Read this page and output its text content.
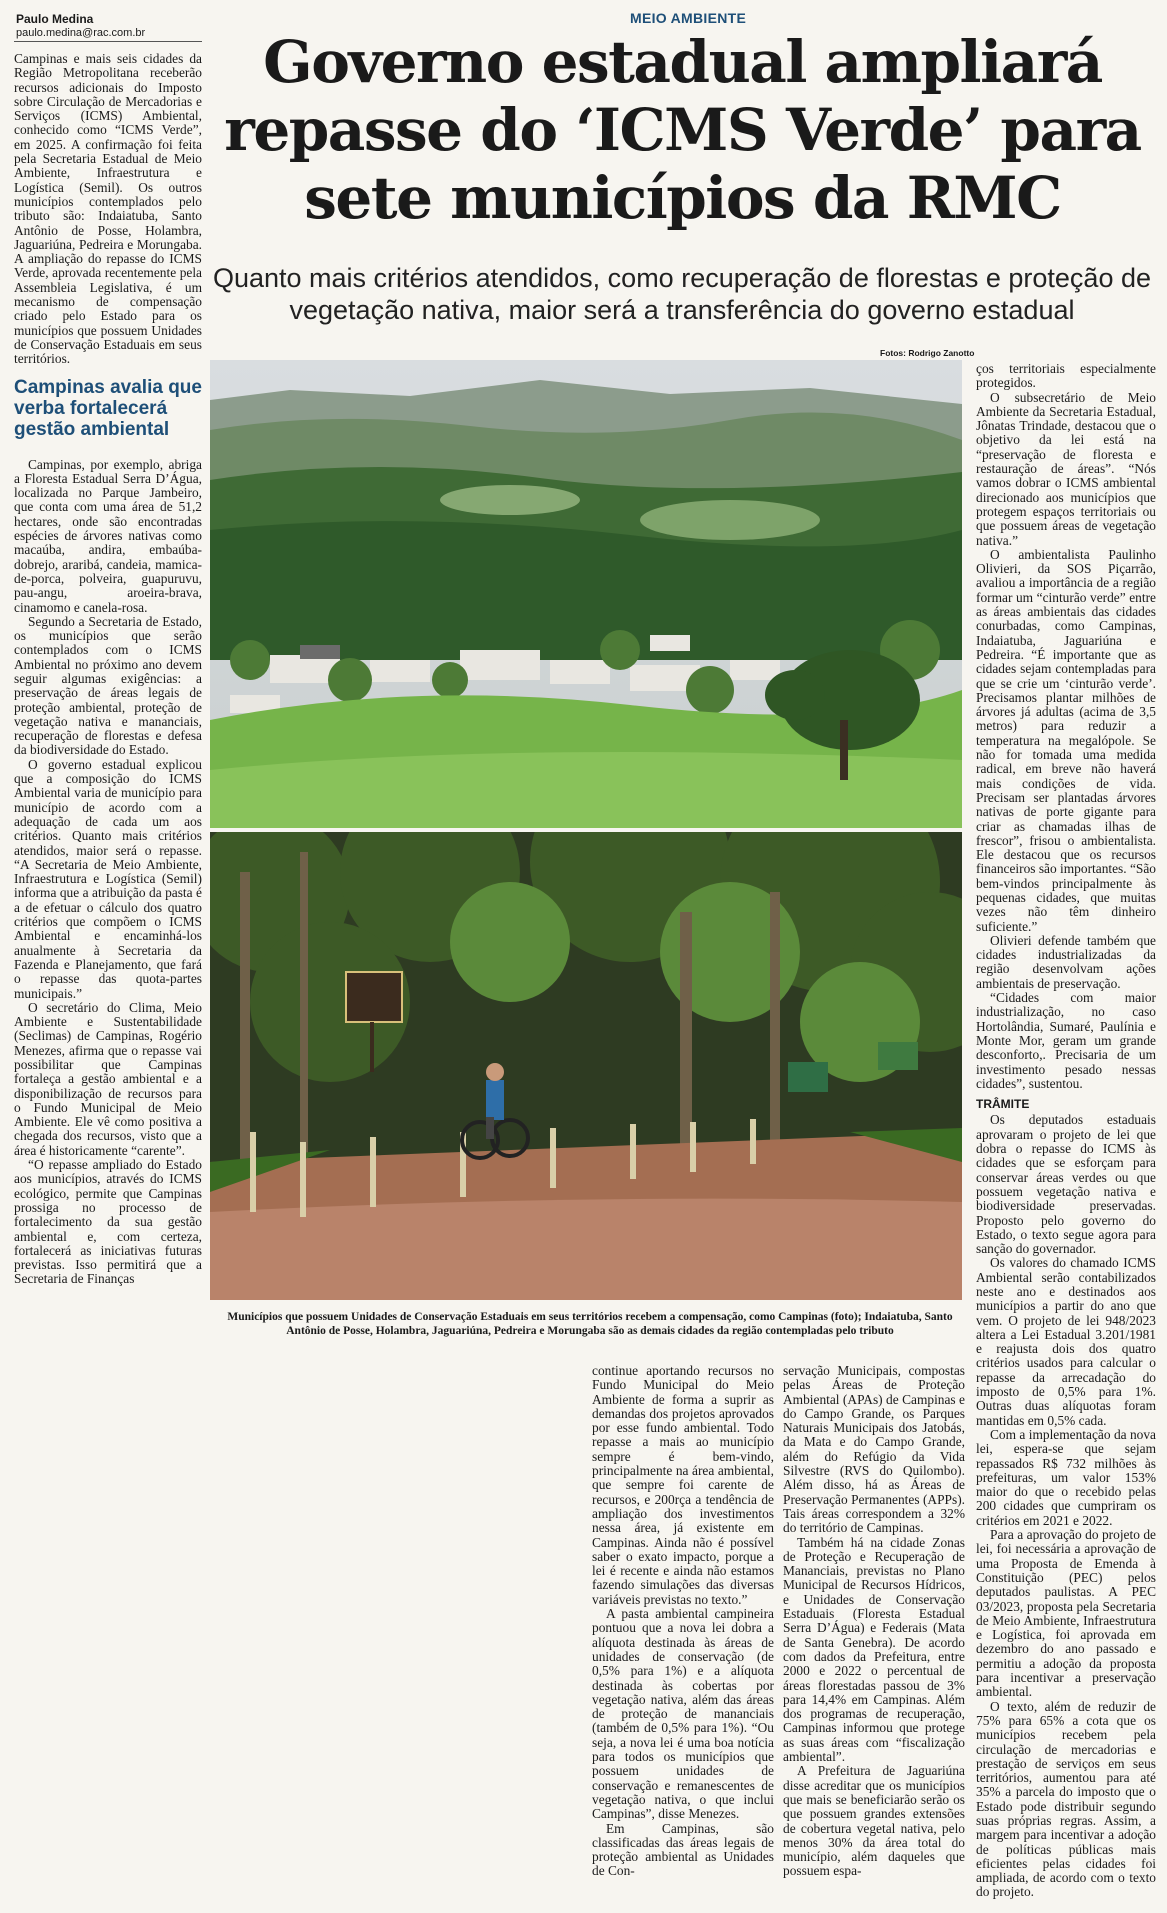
Paulo Medina
paulo.medina@rac.com.br
MEIO AMBIENTE
Governo estadual ampliará
repasse do ‘ICMS Verde’ para
sete municípios da RMC
Quanto mais critérios atendidos, como recuperação de florestas e proteção de vegetação nativa, maior será a transferência do governo estadual

Campinas e mais seis cidades da Região Metropolitana receberão recursos adicionais do Imposto sobre Circulação de Mercadorias e Serviços (ICMS) Ambiental, conhecido como “ICMS Verde”, em 2025. A confirmação foi feita pela Secretaria Estadual de Meio Ambiente, Infraestrutura e Logística (Semil). Os outros municípios contemplados pelo tributo são: Indaiatuba, Santo Antônio de Posse, Holambra, Jaguariúna, Pedreira e Morungaba. A ampliação do repasse do ICMS Verde, aprovada recentemente pela Assembleia Legislativa, é um mecanismo de compensação criado pelo Estado para os municípios que possuem Unidades de Conservação Estaduais em seus territórios.

Campinas avalia que verba fortalecerá gestão ambiental

Campinas, por exemplo, abriga a Floresta Estadual Serra D’Água, localizada no Parque Jambeiro, que conta com uma área de 51,2 hectares, onde são encontradas espécies de árvores nativas como macaúba, andira, embaúba-dobrejo, araribá, candeia, mamica-de-porca, polveira, guapuruvu, pau-angu, aroeira-brava, cinamomo e canela-rosa.

Segundo a Secretaria de Estado, os municípios que serão contemplados com o ICMS Ambiental no próximo ano devem seguir algumas exigências: a preservação de áreas legais de proteção ambiental, proteção de vegetação nativa e mananciais, recuperação de florestas e defesa da biodiversidade do Estado.

O governo estadual explicou que a composição do ICMS Ambiental varia de município para município de acordo com a adequação de cada um aos critérios. Quanto mais critérios atendidos, maior será o repasse. “A Secretaria de Meio Ambiente, Infraestrutura e Logística (Semil) informa que a atribuição da pasta é a de efetuar o cálculo dos quatro critérios que compõem o ICMS Ambiental e encaminhá-los anualmente à Secretaria da Fazenda e Planejamento, que fará o repasse das quota-partes municipais.”

O secretário do Clima, Meio Ambiente e Sustentabilidade (Seclimas) de Campinas, Rogério Menezes, afirma que o repasse vai possibilitar que Campinas fortaleça a gestão ambiental e a disponibilização de recursos para o Fundo Municipal de Meio Ambiente. Ele vê como positiva a chegada dos recursos, visto que a área é historicamente “carente”.

“O repasse ampliado do Estado aos municípios, através do ICMS ecológico, permite que Campinas prossiga no processo de fortalecimento da sua gestão ambiental e, com certeza, fortalecerá as iniciativas futuras previstas. Isso permitirá que a Secretaria de Finanças

Fotos: Rodrigo Zanotto
Municípios que possuem Unidades de Conservação Estaduais em seus territórios recebem a compensação, como Campinas (foto); Indaiatuba, Santo Antônio de Posse, Holambra, Jaguariúna, Pedreira e Morungaba são as demais cidades da região contempladas pelo tributo

continue aportando recursos no Fundo Municipal do Meio Ambiente de forma a suprir as demandas dos projetos aprovados por esse fundo ambiental. Todo repasse a mais ao município sempre é bem-vindo, principalmente na área ambiental, que sempre foi carente de recursos, e 200rça a tendência de ampliação dos investimentos nessa área, já existente em Campinas. Ainda não é possível saber o exato impacto, porque a lei é recente e ainda não estamos fazendo simulações das diversas variáveis previstas no texto.”

A pasta ambiental campineira pontuou que a nova lei dobra a alíquota destinada às áreas de unidades de conservação (de 0,5% para 1%) e a alíquota destinada às cobertas por vegetação nativa, além das áreas de proteção de mananciais (também de 0,5% para 1%). “Ou seja, a nova lei é uma boa notícia para todos os municípios que possuem unidades de conservação e remanescentes de vegetação nativa, o que inclui Campinas”, disse Menezes.

Em Campinas, são classificadas das áreas legais de proteção ambiental as Unidades de Con-

servação Municipais, compostas pelas Áreas de Proteção Ambiental (APAs) de Campinas e do Campo Grande, os Parques Naturais Municipais dos Jatobás, da Mata e do Campo Grande, além do Refúgio da Vida Silvestre (RVS do Quilombo). Além disso, há as Áreas de Preservação Permanentes (APPs). Tais áreas correspondem a 32% do território de Campinas.

Também há na cidade Zonas de Proteção e Recuperação de Mananciais, previstas no Plano Municipal de Recursos Hídricos, e Unidades de Conservação Estaduais (Floresta Estadual Serra D’Água) e Federais (Mata de Santa Genebra). De acordo com dados da Prefeitura, entre 2000 e 2022 o percentual de áreas florestadas passou de 3% para 14,4% em Campinas. Além dos programas de recuperação, Campinas informou que protege as suas áreas com “fiscalização ambiental”.

A Prefeitura de Jaguariúna disse acreditar que os municípios que mais se beneficiarão serão os que possuem grandes extensões de cobertura vegetal nativa, pelo menos 30% da área total do município, além daqueles que possuem espa-

ços territoriais especialmente protegidos.

O subsecretário de Meio Ambiente da Secretaria Estadual, Jônatas Trindade, destacou que o objetivo da lei está na “preservação de floresta e restauração de áreas”. “Nós vamos dobrar o ICMS ambiental direcionado aos municípios que protegem espaços territoriais ou que possuem áreas de vegetação nativa.”

O ambientalista Paulinho Olivieri, da SOS Piçarrão, avaliou a importância de a região formar um “cinturão verde” entre as áreas ambientais das cidades conurbadas, como Campinas, Indaiatuba, Jaguariúna e Pedreira. “É importante que as cidades sejam contempladas para que se crie um ‘cinturão verde’. Precisamos plantar milhões de árvores já adultas (acima de 3,5 metros) para reduzir a temperatura na megalópole. Se não for tomada uma medida radical, em breve não haverá mais condições de vida. Precisam ser plantadas árvores nativas de porte gigante para criar as chamadas ilhas de frescor”, frisou o ambientalista. Ele destacou que os recursos financeiros são importantes. “São bem-vindos principalmente às pequenas cidades, que muitas vezes não têm dinheiro suficiente.”

Olivieri defende também que cidades industrializadas da região desenvolvam ações ambientais de preservação.

“Cidades com maior industrialização, no caso Hortolândia, Sumaré, Paulínia e Monte Mor, geram um grande desconforto,. Precisaria de um investimento pesado nessas cidades”, sustentou.

TRÂMITE

Os deputados estaduais aprovaram o projeto de lei que dobra o repasse do ICMS às cidades que se esforçam para conservar áreas verdes ou que possuem vegetação nativa e biodiversidade preservadas. Proposto pelo governo do Estado, o texto segue agora para sanção do governador.

Os valores do chamado ICMS Ambiental serão contabilizados neste ano e destinados aos municípios a partir do ano que vem. O projeto de lei 948/2023 altera a Lei Estadual 3.201/1981 e reajusta dois dos quatro critérios usados para calcular o repasse da arrecadação do imposto de 0,5% para 1%. Outras duas alíquotas foram mantidas em 0,5% cada.

Com a implementação da nova lei, espera-se que sejam repassados R$ 732 milhões às prefeituras, um valor 153% maior do que o recebido pelas 200 cidades que cumpriram os critérios em 2021 e 2022.

Para a aprovação do projeto de lei, foi necessária a aprovação de uma Proposta de Emenda à Constituição (PEC) pelos deputados paulistas. A PEC 03/2023, proposta pela Secretaria de Meio Ambiente, Infraestrutura e Logística, foi aprovada em dezembro do ano passado e permitiu a adoção da proposta para incentivar a preservação ambiental.

O texto, além de reduzir de 75% para 65% a cota que os municípios recebem pela circulação de mercadorias e prestação de serviços em seus territórios, aumentou para até 35% a parcela do imposto que o Estado pode distribuir segundo suas próprias regras. Assim, a margem para incentivar a adoção de políticas públicas mais eficientes pelas cidades foi ampliada, de acordo com o texto do projeto.
